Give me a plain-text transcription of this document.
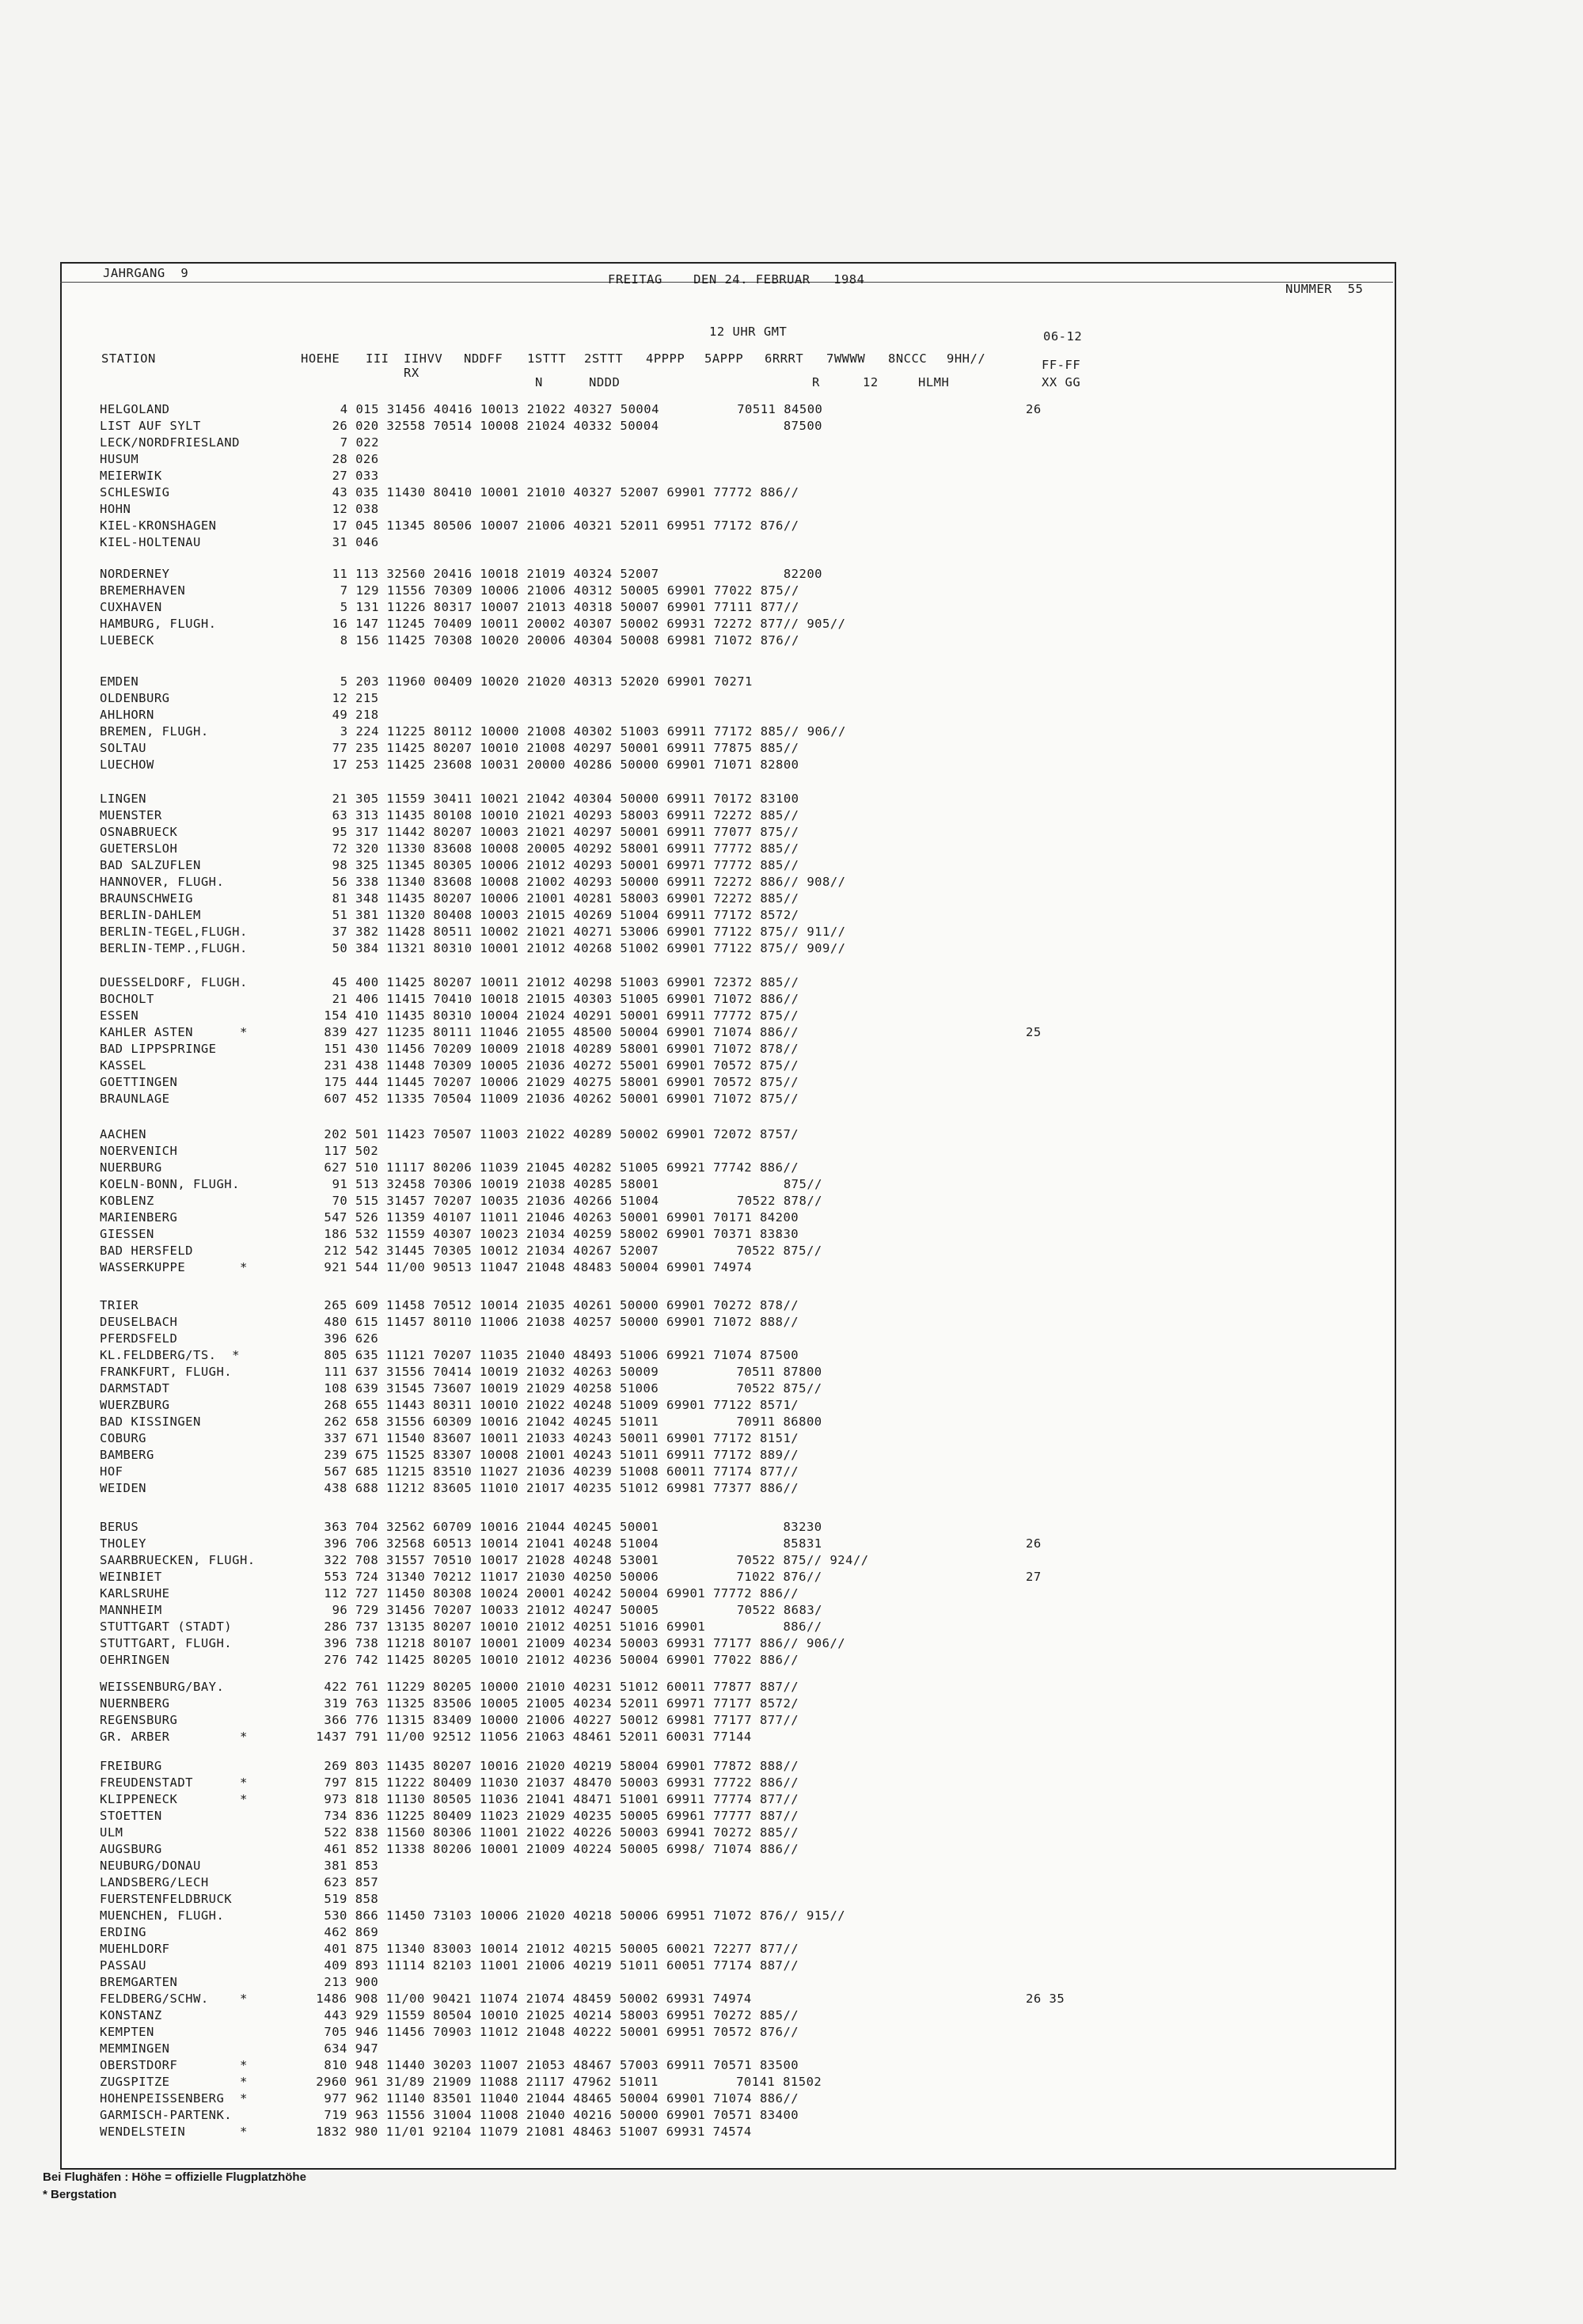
JAHRGANG  9	FREITAG    DEN 24. FEBRUAR   1984
NUMMER  55
12 UHR GMT	06-12
STATION	HOEHE III IIHVV NDDFF 1STTT 2STTT 4PPPP 5APPP 6RRRT 7WWWW 8NCCC 9HH//	FF-FF
RX
N	NDDD	R	12	HLMH	XX GG
HELGOLAND	4 015 31456 40416 10013 21022 40327 50004          70511 84500	26
LIST AUF SYLT	26 020 32558 70514 10008 21024 40332 50004                87500
LECK/NORDFRIESLAND	7 022
HUSUM	28 026
MEIERWIK	27 033
SCHLESWIG	43 035 11430 80410 10001 21010 40327 52007 69901 77772 886//
HOHN	12 038
KIEL-KRONSHAGEN	17 045 11345 80506 10007 21006 40321 52011 69951 77172 876//
KIEL-HOLTENAU	31 046
NORDERNEY	11 113 32560 20416 10018 21019 40324 52007                82200
BREMERHAVEN	7 129 11556 70309 10006 21006 40312 50005 69901 77022 875//
CUXHAVEN	5 131 11226 80317 10007 21013 40318 50007 69901 77111 877//
HAMBURG, FLUGH.	16 147 11245 70409 10011 20002 40307 50002 69931 72272 877// 905//
LUEBECK	8 156 11425 70308 10020 20006 40304 50008 69981 71072 876//
EMDEN	5 203 11960 00409 10020 21020 40313 52020 69901 70271
OLDENBURG	12 215
AHLHORN	49 218
BREMEN, FLUGH.	3 224 11225 80112 10000 21008 40302 51003 69911 77172 885// 906//
SOLTAU	77 235 11425 80207 10010 21008 40297 50001 69911 77875 885//
LUECHOW	17 253 11425 23608 10031 20000 40286 50000 69901 71071 82800
LINGEN	21 305 11559 30411 10021 21042 40304 50000 69911 70172 83100
MUENSTER	63 313 11435 80108 10010 21021 40293 58003 69911 72272 885//
OSNABRUECK	95 317 11442 80207 10003 21021 40297 50001 69911 77077 875//
GUETERSLOH	72 320 11330 83608 10008 20005 40292 58001 69911 77772 885//
BAD SALZUFLEN	98 325 11345 80305 10006 21012 40293 50001 69971 77772 885//
HANNOVER, FLUGH.	56 338 11340 83608 10008 21002 40293 50000 69911 72272 886// 908//
BRAUNSCHWEIG	81 348 11435 80207 10006 21001 40281 58003 69901 72272 885//
BERLIN-DAHLEM	51 381 11320 80408 10003 21015 40269 51004 69911 77172 8572/
BERLIN-TEGEL,FLUGH.	37 382 11428 80511 10002 21021 40271 53006 69901 77122 875// 911//
BERLIN-TEMP.,FLUGH.	50 384 11321 80310 10001 21012 40268 51002 69901 77122 875// 909//
DUESSELDORF, FLUGH.	45 400 11425 80207 10011 21012 40298 51003 69901 72372 885//
BOCHOLT	21 406 11415 70410 10018 21015 40303 51005 69901 71072 886//
ESSEN	154 410 11435 80310 10004 21024 40291 50001 69911 77772 875//
KAHLER ASTEN      *	839 427 11235 80111 11046 21055 48500 50004 69901 71074 886//	25
BAD LIPPSPRINGE	151 430 11456 70209 10009 21018 40289 58001 69901 71072 878//
KASSEL	231 438 11448 70309 10005 21036 40272 55001 69901 70572 875//
GOETTINGEN	175 444 11445 70207 10006 21029 40275 58001 69901 70572 875//
BRAUNLAGE	607 452 11335 70504 11009 21036 40262 50001 69901 71072 875//
AACHEN	202 501 11423 70507 11003 21022 40289 50002 69901 72072 8757/
NOERVENICH	117 502
NUERBURG	627 510 11117 80206 11039 21045 40282 51005 69921 77742 886//
KOELN-BONN, FLUGH.	91 513 32458 70306 10019 21038 40285 58001                875//
KOBLENZ	70 515 31457 70207 10035 21036 40266 51004          70522 878//
MARIENBERG	547 526 11359 40107 11011 21046 40263 50001 69901 70171 84200
GIESSEN	186 532 11559 40307 10023 21034 40259 58002 69901 70371 83830
BAD HERSFELD	212 542 31445 70305 10012 21034 40267 52007          70522 875//
WASSERKUPPE       *	921 544 11/00 90513 11047 21048 48483 50004 69901 74974
TRIER	265 609 11458 70512 10014 21035 40261 50000 69901 70272 878//
DEUSELBACH	480 615 11457 80110 11006 21038 40257 50000 69901 71072 888//
PFERDSFELD	396 626
KL.FELDBERG/TS.  *	805 635 11121 70207 11035 21040 48493 51006 69921 71074 87500
FRANKFURT, FLUGH.	111 637 31556 70414 10019 21032 40263 50009          70511 87800
DARMSTADT	108 639 31545 73607 10019 21029 40258 51006          70522 875//
WUERZBURG	268 655 11443 80311 10010 21022 40248 51009 69901 77122 8571/
BAD KISSINGEN	262 658 31556 60309 10016 21042 40245 51011          70911 86800
COBURG	337 671 11540 83607 10011 21033 40243 50011 69901 77172 8151/
BAMBERG	239 675 11525 83307 10008 21001 40243 51011 69911 77172 889//
HOF	567 685 11215 83510 11027 21036 40239 51008 60011 77174 877//
WEIDEN	438 688 11212 83605 11010 21017 40235 51012 69981 77377 886//
BERUS	363 704 32562 60709 10016 21044 40245 50001                83230
THOLEY	396 706 32568 60513 10014 21041 40248 51004                85831	26
SAARBRUECKEN, FLUGH.	322 708 31557 70510 10017 21028 40248 53001          70522 875// 924//
WEINBIET	553 724 31340 70212 11017 21030 40250 50006          71022 876//	27
KARLSRUHE	112 727 11450 80308 10024 20001 40242 50004 69901 77772 886//
MANNHEIM	96 729 31456 70207 10033 21012 40247 50005          70522 8683/
STUTTGART (STADT)	286 737 13135 80207 10010 21012 40251 51016 69901          886//
STUTTGART, FLUGH.	396 738 11218 80107 10001 21009 40234 50003 69931 77177 886// 906//
OEHRINGEN	276 742 11425 80205 10010 21012 40236 50004 69901 77022 886//
WEISSENBURG/BAY.	422 761 11229 80205 10000 21010 40231 51012 60011 77877 887//
NUERNBERG	319 763 11325 83506 10005 21005 40234 52011 69971 77177 8572/
REGENSBURG	366 776 11315 83409 10000 21006 40227 50012 69981 77177 877//
GR. ARBER         *	1437 791 11/00 92512 11056 21063 48461 52011 60031 77144
FREIBURG	269 803 11435 80207 10016 21020 40219 58004 69901 77872 888//
FREUDENSTADT      *	797 815 11222 80409 11030 21037 48470 50003 69931 77722 886//
KLIPPENECK        *	973 818 11130 80505 11036 21041 48471 51001 69911 77774 877//
STOETTEN	734 836 11225 80409 11023 21029 40235 50005 69961 77777 887//
ULM	522 838 11560 80306 11001 21022 40226 50003 69941 70272 885//
AUGSBURG	461 852 11338 80206 10001 21009 40224 50005 6998/ 71074 886//
NEUBURG/DONAU	381 853
LANDSBERG/LECH	623 857
FUERSTENFELDBRUCK	519 858
MUENCHEN, FLUGH.	530 866 11450 73103 10006 21020 40218 50006 69951 71072 876// 915//
ERDING	462 869
MUEHLDORF	401 875 11340 83003 10014 21012 40215 50005 60021 72277 877//
PASSAU	409 893 11114 82103 11001 21006 40219 51011 60051 77174 887//
BREMGARTEN	213 900
FELDBERG/SCHW.    *	1486 908 11/00 90421 11074 21074 48459 50002 69931 74974	26 35
KONSTANZ	443 929 11559 80504 10010 21025 40214 58003 69951 70272 885//
KEMPTEN	705 946 11456 70903 11012 21048 40222 50001 69951 70572 876//
MEMMINGEN	634 947
OBERSTDORF        *	810 948 11440 30203 11007 21053 48467 57003 69911 70571 83500
ZUGSPITZE         *	2960 961 31/89 21909 11088 21117 47962 51011          70141 81502
HOHENPEISSENBERG  *	977 962 11140 83501 11040 21044 48465 50004 69901 71074 886//
GARMISCH-PARTENK.	719 963 11556 31004 11008 21040 40216 50000 69901 70571 83400
WENDELSTEIN       *	1832 980 11/01 92104 11079 21081 48463 51007 69931 74574
Bei Flughäfen : Höhe = offizielle Flugplatzhöhe
* Bergstation
